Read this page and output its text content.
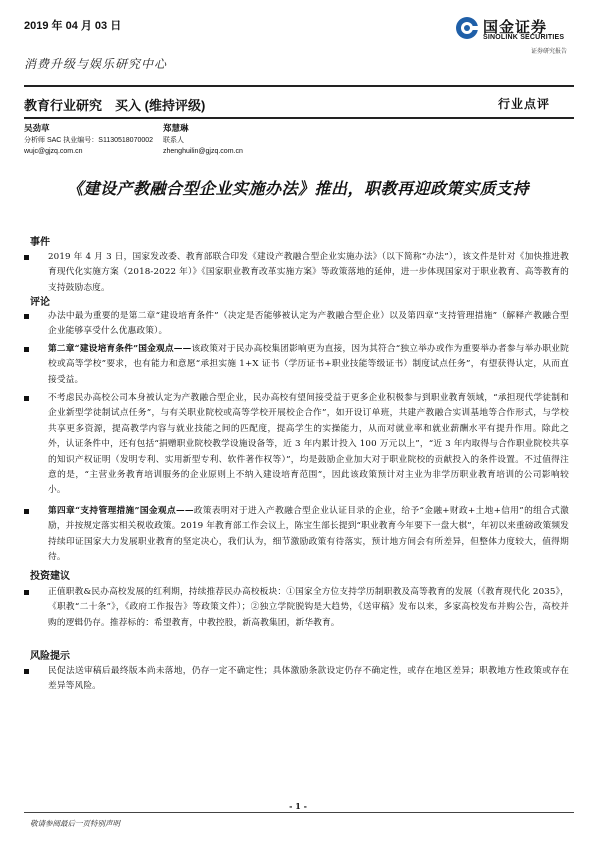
2019 年 04 月 03 日	国金证券
SINOLINK SECURITIES
证券研究报告
消费升级与娱乐研究中心
教育行业研究　买入 (维持评级)	行业点评
吴劲草
分析师 SAC 执业编号：S1130518070002
wujc@gjzq.com.cn
郑慧琳
联系人
zhenghuilin@gjzq.com.cn
《建设产教融合型企业实施办法》推出，职教再迎政策实质支持
事件
2019 年 4 月 3 日，国家发改委、教育部联合印发《建设产教融合型企业实施办法》（以下简称“办法”），该文件是针对《加快推进教育现代化实施方案（2018-2022 年）》《国家职业教育改革实施方案》等政策落地的延伸，进一步体现国家对于职业教育、高等教育的支持鼓励态度。
评论
办法中最为重要的是第二章“建设培育条件”（决定是否能够被认定为产教融合型企业）以及第四章“支持管理措施”（解释产教融合型企业能够享受什么优惠政策）。
第二章“建设培育条件”国金观点——该政策对于民办高校集团影响更为直接，因为其符合“独立举办或作为重要举办者参与举办职业院校或高等学校”要求，也有能力和意愿“承担实施 1+X 证书（学历证书+职业技能等级证书）制度试点任务”，有望获得认定，从而直接受益。
不考虑民办高校公司本身被认定为产教融合型企业，民办高校有望间接受益于更多企业积极参与到职业教育领域，“承担现代学徒制和企业新型学徒制试点任务”，与有关职业院校或高等学校开展校企合作”，如开设订单班，共建产教融合实训基地等合作形式，与学校共享更多资源，提高教学内容与就业技能之间的匹配度，提高学生的实操能力，从而对就业率和就业薪酬水平有提升作用。除此之外，认证条件中，还有包括“捐赠职业院校教学设施设备等，近 3 年内累计投入 100 万元以上”，“近 3 年内取得与合作职业院校共享的知识产权证明（发明专利、实用新型专利、软件著作权等）”，均是鼓励企业加大对于职业院校的贡献投入的条件设置。不过值得注意的是，“主营业务教育培训服务的企业原则上不纳入建设培育范围”，因此该政策预计对主业为非学历职业教育培训的公司影响较小。
第四章“支持管理措施”国金观点——政策表明对于进入产教融合型企业认证目录的企业，给予“金融+财政+土地+信用”的组合式激励，并按规定落实相关税收政策。2019 年教育部工作会议上，陈宝生部长提到“职业教育今年要下一盘大棋”，年初以来重磅政策频发持续印证国家大力发展职业教育的坚定决心，我们认为，细节激励政策有待落实，预计地方间会有所差异，但整体力度较大，值得期待。
投资建议
正值职教&民办高校发展的红利期，持续推荐民办高校板块：①国家全方位支持学历制职教及高等教育的发展（《教育现代化 2035》，《职教“二十条”》，《政府工作报告》等政策文件）；②独立学院脱钩是大趋势，《送审稿》发布以来，多家高校发布并购公告，高校并购的逻辑仍存。推荐标的：希望教育，中教控股，新高教集团，新华教育。
风险提示
民促法送审稿后最终版本尚未落地，仍存一定不确定性；具体激励条款设定仍存不确定性，或存在地区差异；职教地方性政策或存在差异等风险。
- 1 -
敬请参阅最后一页特别声明
